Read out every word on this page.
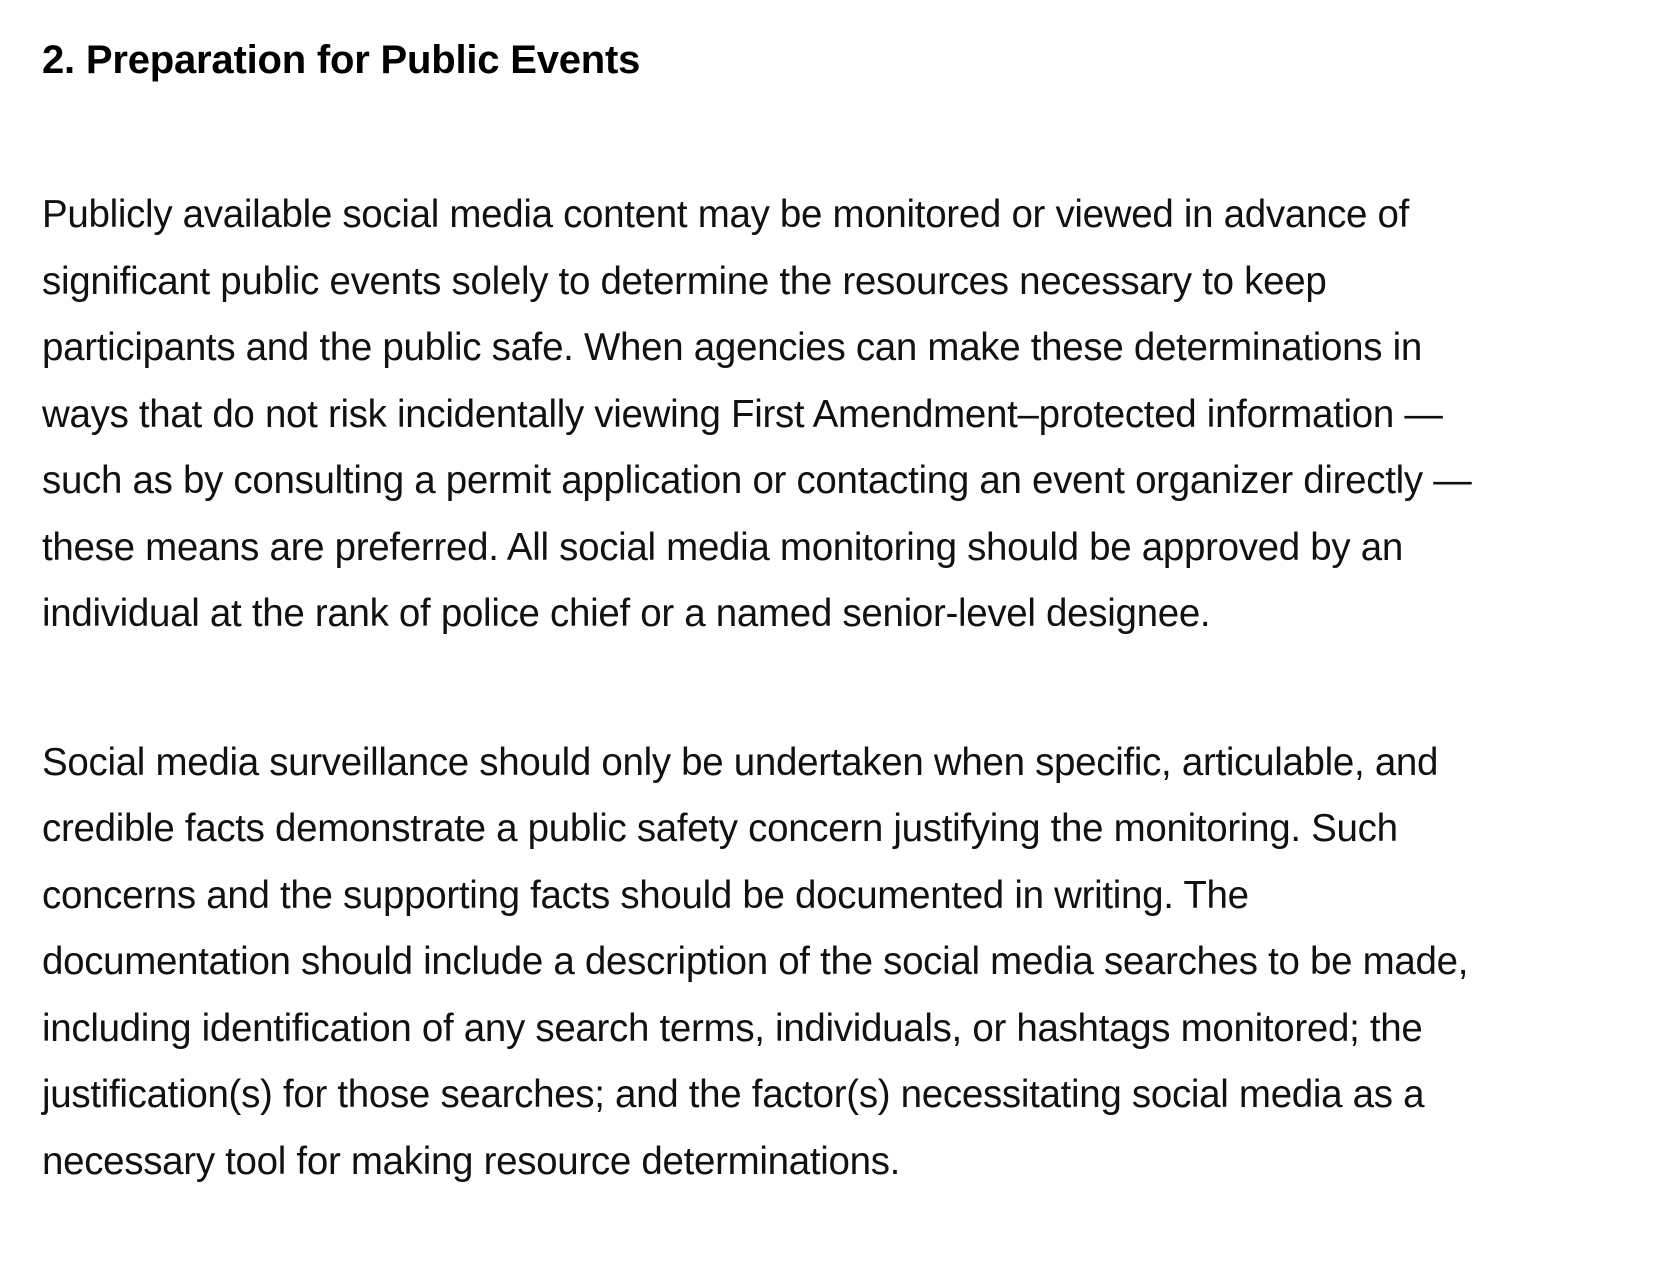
2. Preparation for Public Events

Publicly available social media content may be monitored or viewed in advance of
significant public events solely to determine the resources necessary to keep
participants and the public safe. When agencies can make these determinations in
ways that do not risk incidentally viewing First Amendment–protected information —
such as by consulting a permit application or contacting an event organizer directly —
these means are preferred. All social media monitoring should be approved by an
individual at the rank of police chief or a named senior-level designee.

Social media surveillance should only be undertaken when specific, articulable, and
credible facts demonstrate a public safety concern justifying the monitoring. Such
concerns and the supporting facts should be documented in writing. The
documentation should include a description of the social media searches to be made,
including identification of any search terms, individuals, or hashtags monitored; the
justification(s) for those searches; and the factor(s) necessitating social media as a
necessary tool for making resource determinations.
